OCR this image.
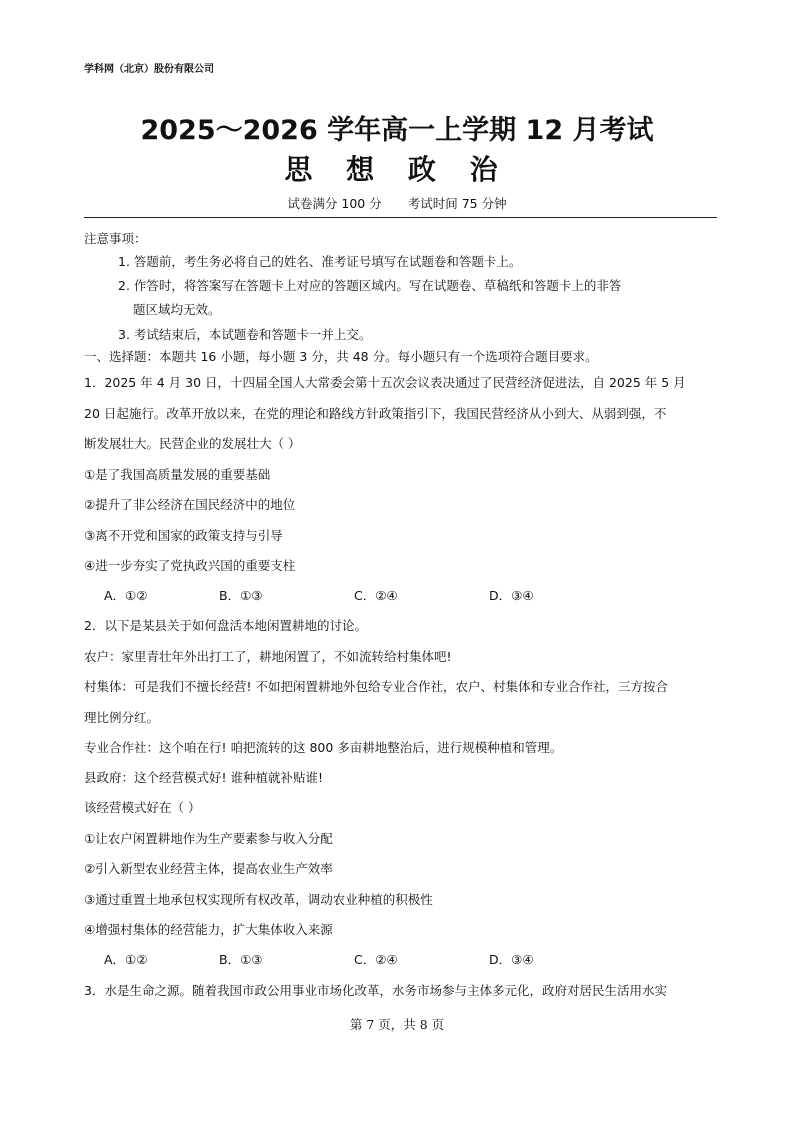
学科网（北京）股份有限公司
2025～2026 学年高一上学期 12 月考试
思 想 政 治
试卷满分 100 分 考试时间 75 分钟
注意事项：
1. 答题前，考生务必将自己的姓名、准考证号填写在试题卷和答题卡上。
2. 作答时，将答案写在答题卡上对应的答题区域内。写在试题卷、草稿纸和答题卡上的非答
题区域均无效。
3. 考试结束后，本试题卷和答题卡一并上交。
一、选择题：本题共 16 小题，每小题 3 分，共 48 分。每小题只有一个选项符合题目要求。
1．2025 年 4 月 30 日，十四届全国人大常委会第十五次会议表决通过了民营经济促进法，自 2025 年 5 月
20 日起施行。改革开放以来，在党的理论和路线方针政策指引下，我国民营经济从小到大、从弱到强，不
断发展壮大。民营企业的发展壮大（ ）
①是了我国高质量发展的重要基础
②提升了非公经济在国民经济中的地位
③离不开党和国家的政策支持与引导
④进一步夯实了党执政兴国的重要支柱
A．①②	B．①③	C．②④	D．③④
2．以下是某县关于如何盘活本地闲置耕地的讨论。
农户：家里青壮年外出打工了，耕地闲置了，不如流转给村集体吧!
村集体：可是我们不擅长经营! 不如把闲置耕地外包给专业合作社，农户、村集体和专业合作社，三方按合
理比例分红。
专业合作社：这个咱在行! 咱把流转的这 800 多亩耕地整治后，进行规模种植和管理。
县政府：这个经营模式好! 谁种植就补贴谁!
该经营模式好在（ ）
①让农户闲置耕地作为生产要素参与收入分配
②引入新型农业经营主体，提高农业生产效率
③通过重置土地承包权实现所有权改革，调动农业种植的积极性
④增强村集体的经营能力，扩大集体收入来源
A．①②	B．①③	C．②④	D．③④
3．水是生命之源。随着我国市政公用事业市场化改革，水务市场参与主体多元化，政府对居民生活用水实
第 7 页，共 8 页
